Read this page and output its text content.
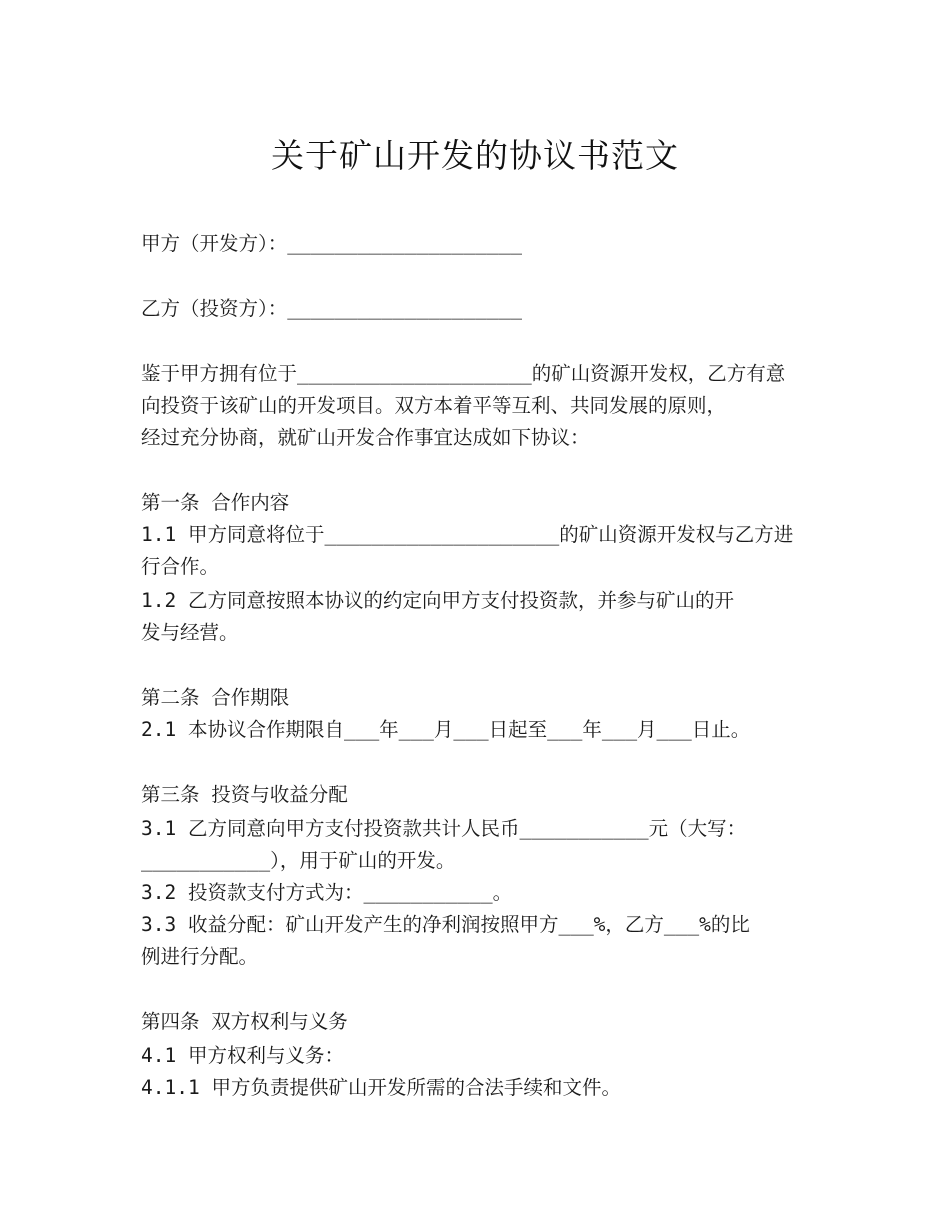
关于矿山开发的协议书范文

甲方（开发方）：____________________

乙方（投资方）：____________________

鉴于甲方拥有位于____________________的矿山资源开发权，乙方有意

向投资于该矿山的开发项目。双方本着平等互利、共同发展的原则，

经过充分协商，就矿山开发合作事宜达成如下协议：

第一条 合作内容

1.1 甲方同意将位于____________________的矿山资源开发权与乙方进

行合作。

1.2 乙方同意按照本协议的约定向甲方支付投资款，并参与矿山的开

发与经营。

第二条 合作期限

2.1 本协议合作期限自___年___月___日起至___年___月___日止。

第三条 投资与收益分配

3.1 乙方同意向甲方支付投资款共计人民币___________元（大写：

___________），用于矿山的开发。

3.2 投资款支付方式为：___________。

3.3 收益分配：矿山开发产生的净利润按照甲方___%，乙方___%的比

例进行分配。

第四条 双方权利与义务

4.1 甲方权利与义务：

4.1.1 甲方负责提供矿山开发所需的合法手续和文件。
